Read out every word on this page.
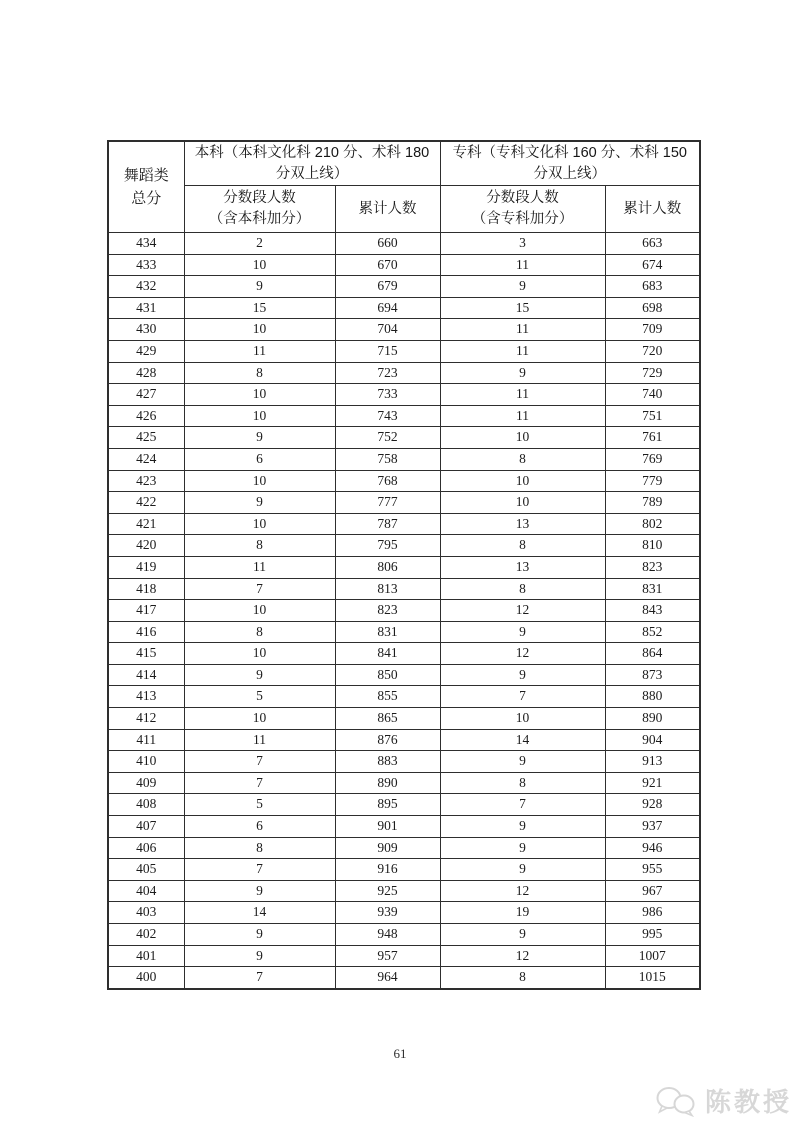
舞蹈类
总分

本科（本科文化科 210 分、术科 180
分双上线）

专科（专科文化科 160 分、术科 150
分双上线）

分数段人数
（含本科加分）
	累计人数	
分数段人数
（含专科加分）
	累计人数
434	2	660	3	663
433	10	670	11	674
432	9	679	9	683
431	15	694	15	698
430	10	704	11	709
429	11	715	11	720
428	8	723	9	729
427	10	733	11	740
426	10	743	11	751
425	9	752	10	761
424	6	758	8	769
423	10	768	10	779
422	9	777	10	789
421	10	787	13	802
420	8	795	8	810
419	11	806	13	823
418	7	813	8	831
417	10	823	12	843
416	8	831	9	852
415	10	841	12	864
414	9	850	9	873
413	5	855	7	880
412	10	865	10	890
411	11	876	14	904
410	7	883	9	913
409	7	890	8	921
408	5	895	7	928
407	6	901	9	937
406	8	909	9	946
405	7	916	9	955
404	9	925	12	967
403	14	939	19	986
402	9	948	9	995
401	9	957	12	1007
400	7	964	8	1015
61
陈教授
